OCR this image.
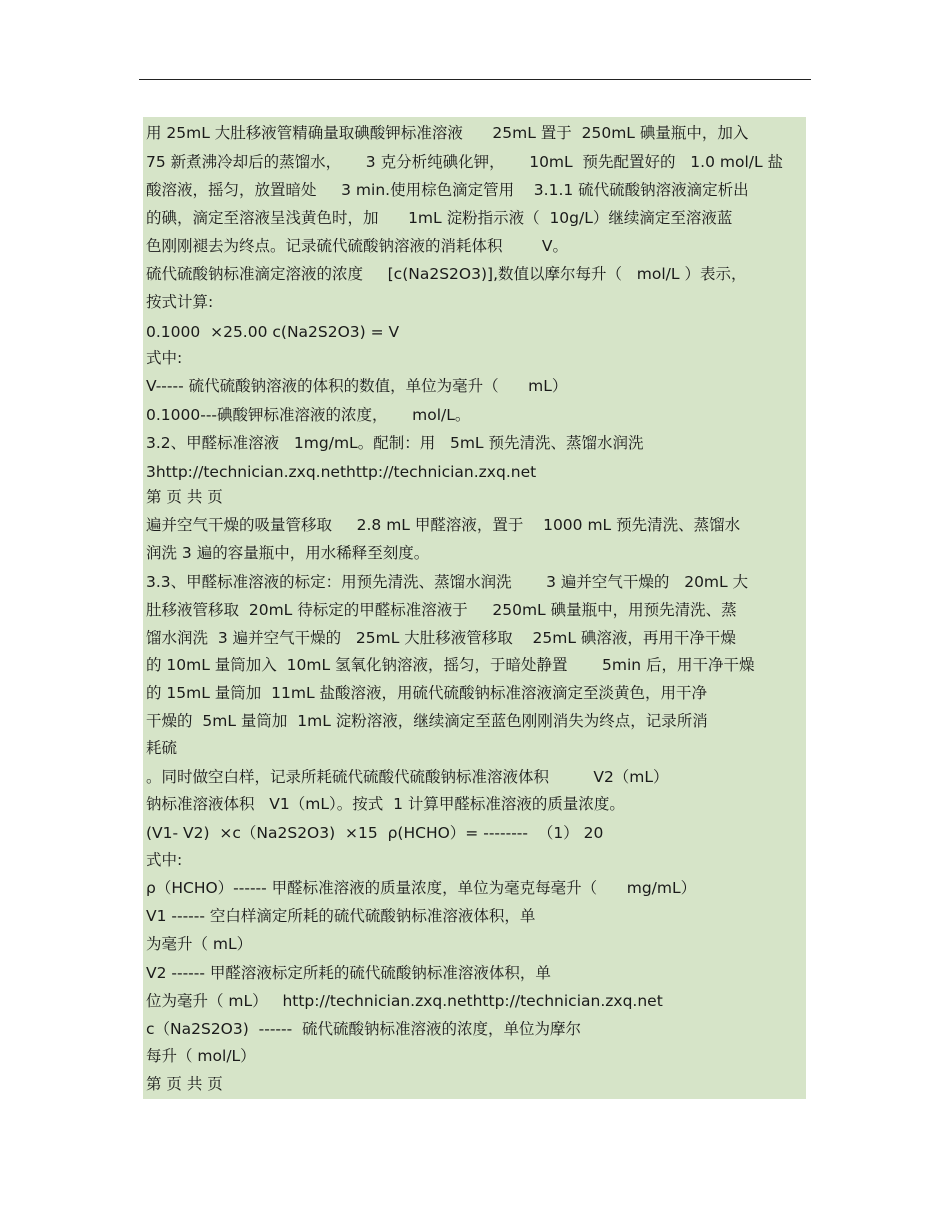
用 25mL 大肚移液管精确量取碘酸钾标准溶液      25mL 置于  250mL 碘量瓶中，加入
75 新煮沸冷却后的蒸馏水，     3 克分析纯碘化钾，     10mL  预先配置好的   1.0 mol/L 盐
酸溶液，摇匀，放置暗处     3 min.使用棕色滴定管用    3.1.1 硫代硫酸钠溶液滴定析出
的碘，滴定至溶液呈浅黄色时，加      1mL 淀粉指示液（  10g/L）继续滴定至溶液蓝
色刚刚褪去为终点。记录硫代硫酸钠溶液的消耗体积        V。
硫代硫酸钠标准滴定溶液的浓度     [c(Na2S2O3)],数值以摩尔每升（   mol/L ）表示，
按式计算:
0.1000  ×25.00 c(Na2S2O3) = V
式中:
V----- 硫代硫酸钠溶液的体积的数值，单位为毫升（      mL）
0.1000---碘酸钾标准溶液的浓度，     mol/L。
3.2、甲醛标准溶液   1mg/mL。配制：用   5mL 预先清洗、蒸馏水润洗
3http://technician.zxq.nethttp://technician.zxq.net
第 页 共 页
遍并空气干燥的吸量管移取     2.8 mL 甲醛溶液，置于    1000 mL 预先清洗、蒸馏水
润洗 3 遍的容量瓶中，用水稀释至刻度。
3.3、甲醛标准溶液的标定：用预先清洗、蒸馏水润洗       3 遍并空气干燥的   20mL 大
肚移液管移取  20mL 待标定的甲醛标准溶液于     250mL 碘量瓶中，用预先清洗、蒸
馏水润洗  3 遍并空气干燥的   25mL 大肚移液管移取    25mL 碘溶液，再用干净干燥
的 10mL 量筒加入  10mL 氢氧化钠溶液，摇匀，于暗处静置       5min 后，用干净干燥
的 15mL 量筒加  11mL 盐酸溶液，用硫代硫酸钠标准溶液滴定至淡黄色，用干净
干燥的  5mL 量筒加  1mL 淀粉溶液，继续滴定至蓝色刚刚消失为终点，记录所消
耗硫
。同时做空白样，记录所耗硫代硫酸代硫酸钠标准溶液体积         V2（mL）
钠标准溶液体积   V1（mL）。按式  1 计算甲醛标准溶液的质量浓度。
(V1- V2)  ×c（Na2S2O3)  ×15  ρ(HCHO）= --------  （1） 20
式中:
ρ（HCHO）------ 甲醛标准溶液的质量浓度，单位为毫克每毫升（      mg/mL）
V1 ------ 空白样滴定所耗的硫代硫酸钠标准溶液体积，单
为毫升（ mL）
V2 ------ 甲醛溶液标定所耗的硫代硫酸钠标准溶液体积，单
位为毫升（ mL）   http://technician.zxq.nethttp://technician.zxq.net
c（Na2S2O3)  ------  硫代硫酸钠标准溶液的浓度，单位为摩尔
每升（ mol/L）
第 页 共 页
